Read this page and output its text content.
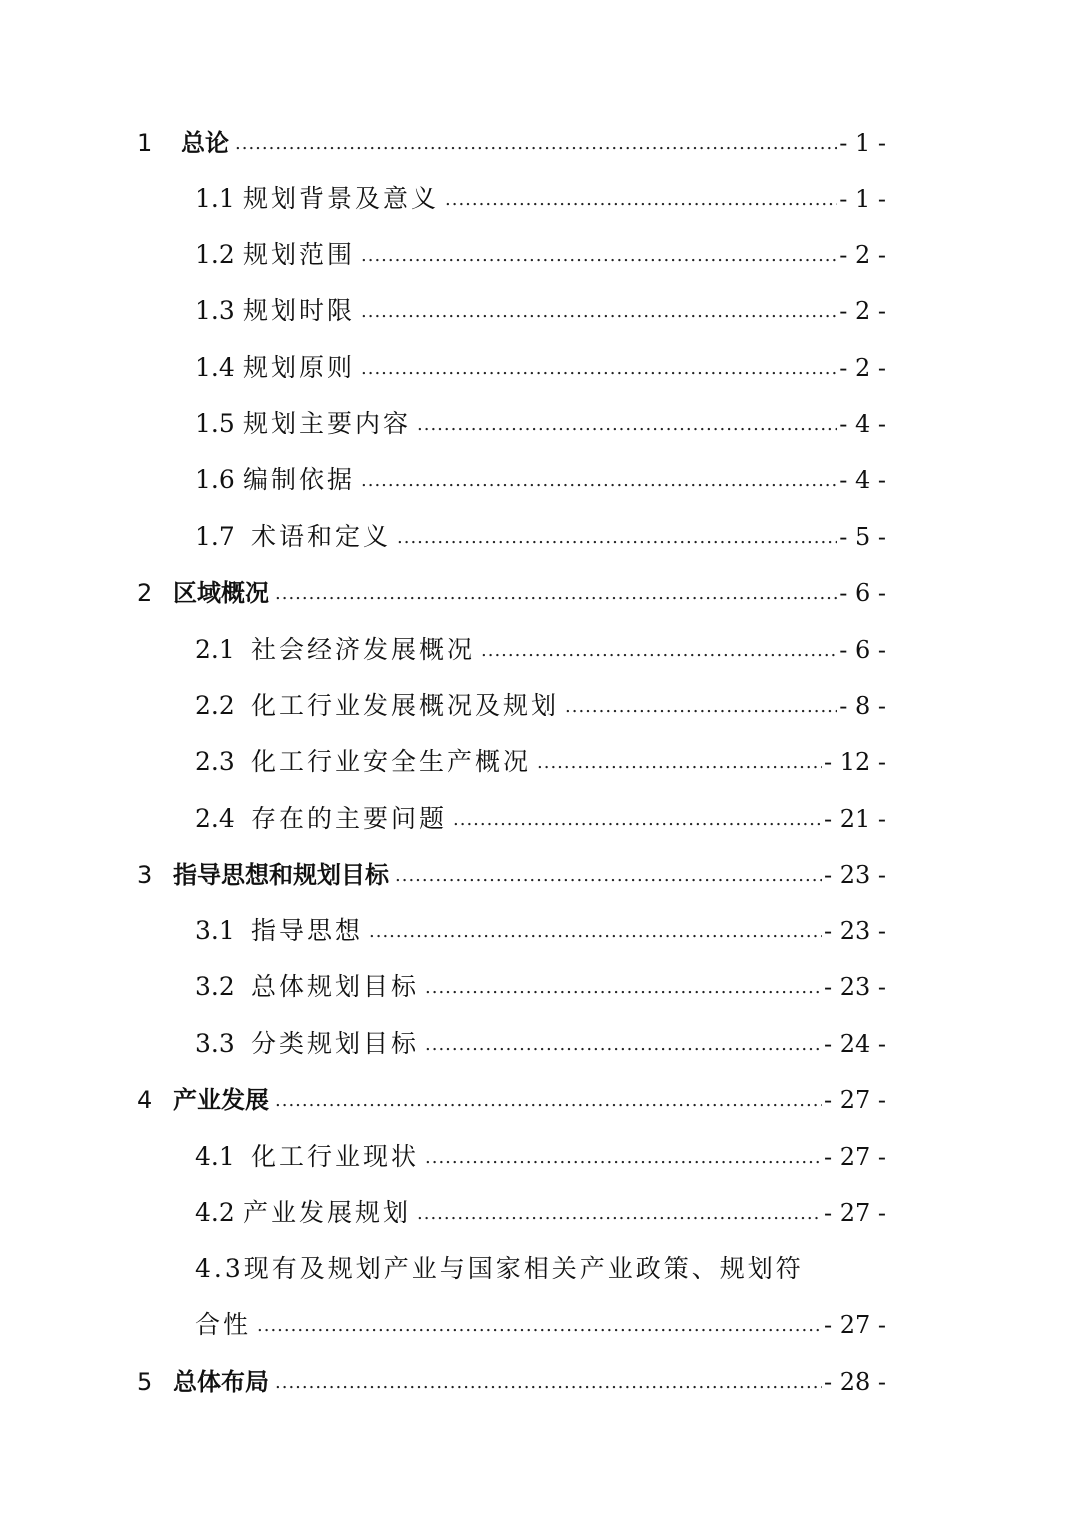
1	总论 .....	- 1 -
1.1 规划背景及意义 .....	- 1 -
1.2 规划范围 .....	- 2 -
1.3 规划时限 .....	- 2 -
1.4 规划原则 .....	- 2 -
1.5 规划主要内容 .....	- 4 -
1.6 编制依据 .....	- 4 -
1.7 术语和定义 .....	- 5 -
2 区域概况 .....	- 6 -
2.1 社会经济发展概况 .....	- 6 -
2.2 化工行业发展概况及规划 .....	- 8 -
2.3 化工行业安全生产概况 .....	- 12 -
2.4 存在的主要问题 .....	- 21 -
3 指导思想和规划目标 .....	- 23 -
3.1 指导思想 .....	- 23 -
3.2 总体规划目标 .....	- 23 -
3.3 分类规划目标 .....	- 24 -
4 产业发展 .....	- 27 -
4.1 化工行业现状 .....	- 27 -
4.2 产业发展规划 .....	- 27 -
4.3现有及规划产业与国家相关产业政策、规划符
合性 .....	- 27 -
5 总体布局 .....	- 28 -
